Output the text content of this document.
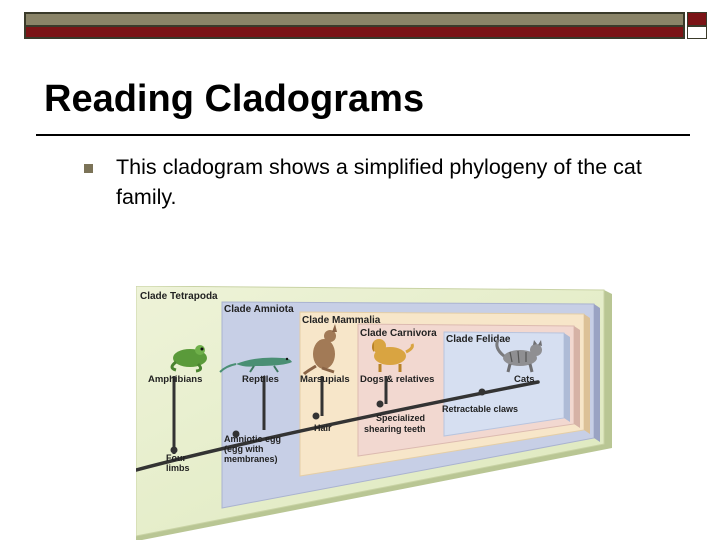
Reading Cladograms
This cladogram shows a simplified phylogeny of the cat family.
Clade Tetrapoda
Clade Amniota
Clade Mammalia
Clade Carnivora
Clade Felidae
Four
limbs
Amniotic egg
(egg with
membranes)
Hair
Specialized
shearing teeth
Retractable claws
Amphibians	Reptiles Marsupials Dogs & relatives	Cats
